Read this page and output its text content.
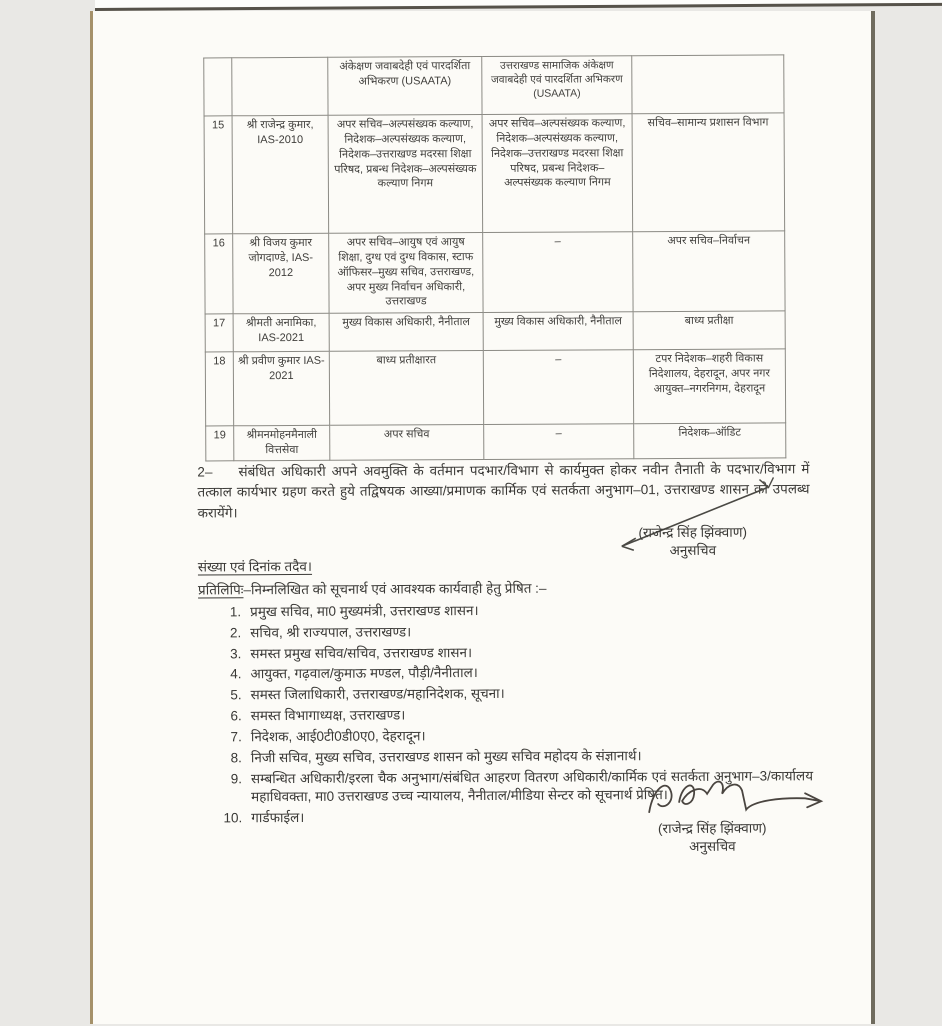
		अंकेक्षण जवाबदेही एवं पारदर्शिता अभिकरण (USAATA)	उत्तराखण्ड सामाजिक अंकेक्षण जवाबदेही एवं पारदर्शिता अभिकरण (USAATA)	
15	श्री राजेन्द्र कुमार, IAS-2010	अपर सचिव–अल्पसंख्यक कल्याण, निदेशक–अल्पसंख्यक कल्याण, निदेशक–उत्तराखण्ड मदरसा शिक्षा परिषद, प्रबन्ध निदेशक–अल्पसंख्यक कल्याण निगम	अपर सचिव–अल्पसंख्यक कल्याण, निदेशक–अल्पसंख्यक कल्याण, निदेशक–उत्तराखण्ड मदरसा शिक्षा परिषद, प्रबन्ध निदेशक–अल्पसंख्यक कल्याण निगम	सचिव–सामान्य प्रशासन विभाग
16	श्री विजय कुमार जोगदाण्डे, IAS-2012	अपर सचिव–आयुष एवं आयुष शिक्षा, दुग्ध एवं दुग्ध विकास, स्टाफ ऑफिसर–मुख्य सचिव, उत्तराखण्ड, अपर मुख्य निर्वाचन अधिकारी, उत्तराखण्ड	–	अपर सचिव–निर्वाचन
17	श्रीमती अनामिका, IAS-2021	मुख्य विकास अधिकारी, नैनीताल	मुख्य विकास अधिकारी, नैनीताल	बाध्य प्रतीक्षा
18	श्री प्रवीण कुमार IAS-2021	बाध्य प्रतीक्षारत	–	टपर निदेशक–शहरी विकास निदेशालय, देहरादून, अपर नगर आयुक्त–नगरनिगम, देहरादून
19	श्रीमनमोहनमैनाली वित्तसेवा	अपर सचिव	–	निदेशक–ऑडिट
2– संबंधित अधिकारी अपने अवमुक्ति के वर्तमान पदभार/विभाग से कार्यमुक्त होकर नवीन तैनाती के पदभार/विभाग में तत्काल कार्यभार ग्रहण करते हुये तद्विषयक आख्या/प्रमाणक कार्मिक एवं सतर्कता अनुभाग–01, उत्तराखण्ड शासन को उपलब्ध करायेंगे।
(राजेन्द्र सिंह झिंक्वाण)
अनुसचिव
संख्या एवं दिनांक तदैव।
प्रतिलिपिः–निम्नलिखित को सूचनार्थ एवं आवश्यक कार्यवाही हेतु प्रेषित :–
1. प्रमुख सचिव, मा0 मुख्यमंत्री, उत्तराखण्ड शासन।
2. सचिव, श्री राज्यपाल, उत्तराखण्ड।
3. समस्त प्रमुख सचिव/सचिव, उत्तराखण्ड शासन।
4. आयुक्त, गढ़वाल/कुमाऊ मण्डल, पौड़ी/नैनीताल।
5. समस्त जिलाधिकारी, उत्तराखण्ड/महानिदेशक, सूचना।
6. समस्त विभागाध्यक्ष, उत्तराखण्ड।
7. निदेशक, आई0टी0डी0ए0, देहरादून।
8. निजी सचिव, मुख्य सचिव, उत्तराखण्ड शासन को मुख्य सचिव महोदय के संज्ञानार्थ।
9. सम्बन्धित अधिकारी/इरला चैक अनुभाग/संबंधित आहरण वितरण अधिकारी/कार्मिक एवं सतर्कता अनुभाग–3/कार्यालय महाधिवक्ता, मा0 उत्तराखण्ड उच्च न्यायालय, नैनीताल/मीडिया सेन्टर को सूचनार्थ प्रेषित।
10. गार्डफाईल।
(राजेन्द्र सिंह झिंक्वाण)
अनुसचिव
